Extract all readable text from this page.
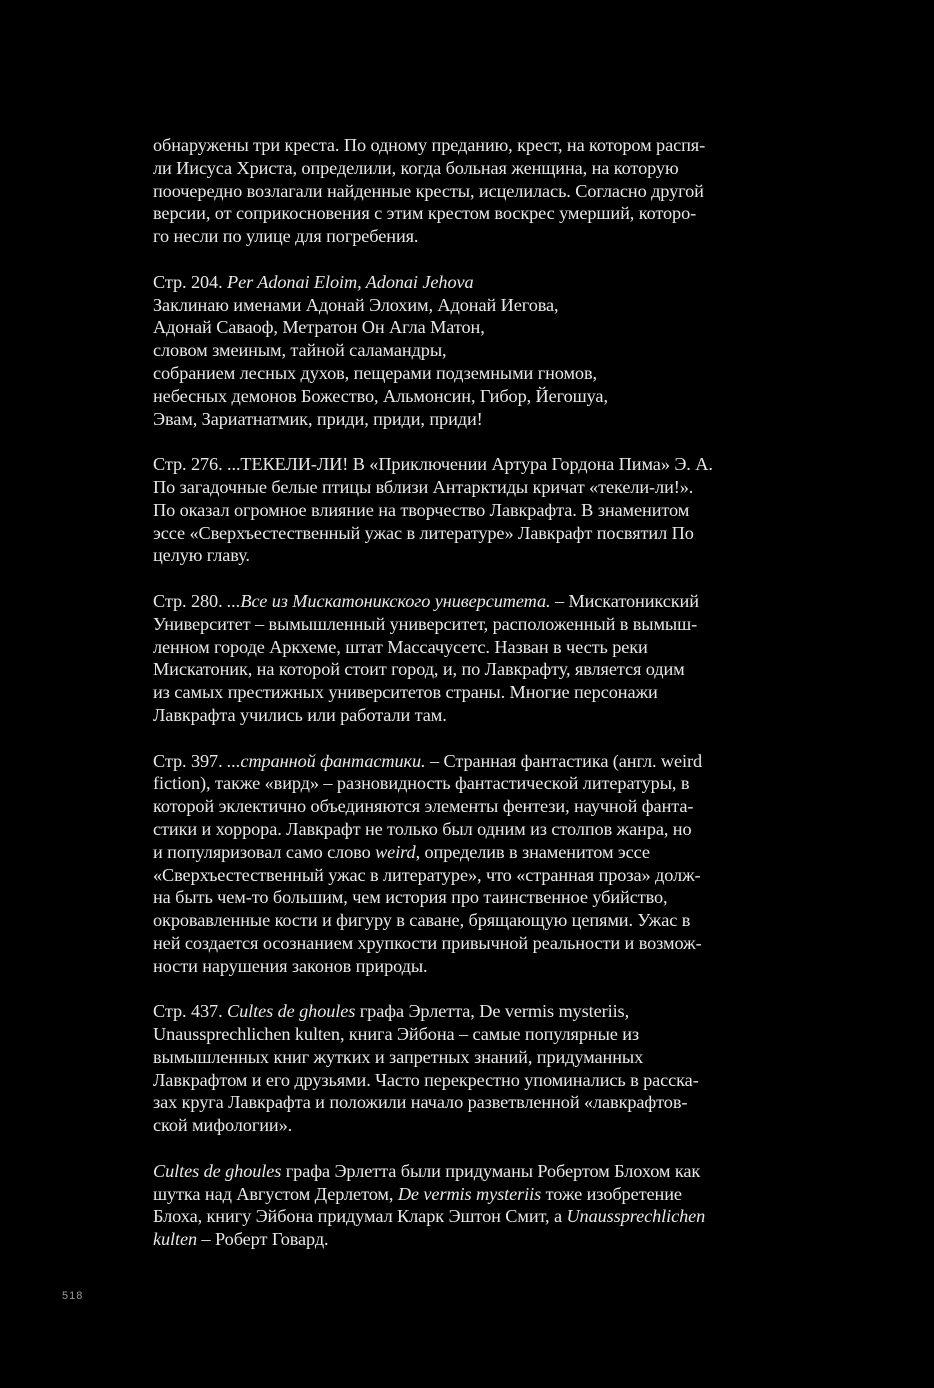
обнаружены три креста. По одному преданию, крест, на котором распя-
ли Иисуса Христа, определили, когда больная женщина, на которую
поочередно возлагали найденные кресты, исцелилась. Согласно другой
версии, от соприкосновения с этим крестом воскрес умерший, которо-
го несли по улице для погребения.

Стр. 204. Per Adonai Eloim, Adonai Jehova
Заклинаю именами Адонай Элохим, Адонай Иегова,
Адонай Саваоф, Метратон Он Агла Матон,
словом змеиным, тайной саламандры,
собранием лесных духов, пещерами подземными гномов,
небесных демонов Божество, Альмонсин, Гибор, Йегошуа,
Эвам, Зариатнатмик, приди, приди, приди!

Стр. 276. ...ТЕКЕЛИ-ЛИ! В «Приключении Артура Гордона Пима» Э. А.
По загадочные белые птицы вблизи Антарктиды кричат «текели-ли!».
По оказал огромное влияние на творчество Лавкрафта. В знаменитом
эссе «Сверхъестественный ужас в литературе» Лавкрафт посвятил По
целую главу.

Стр. 280. ...Все из Мискатоникского университета. – Мискатоникский
Университет – вымышленный университет, расположенный в вымыш-
ленном городе Аркхеме, штат Массачусетс. Назван в честь реки
Мискатоник, на которой стоит город, и, по Лавкрафту, является одим
из самых престижных университетов страны. Многие персонажи
Лавкрафта учились или работали там.

Стр. 397. ...странной фантастики. – Странная фантастика (англ. weird
fiction), также «вирд» – разновидность фантастической литературы, в
которой эклектично объединяются элементы фентези, научной фанта-
стики и хоррора. Лавкрафт не только был одним из столпов жанра, но
и популяризовал само слово weird, определив в знаменитом эссе
«Сверхъестественный ужас в литературе», что «странная проза» долж-
на быть чем-то большим, чем история про таинственное убийство,
окровавленные кости и фигуру в саване, брящающую цепями. Ужас в
ней создается осознанием хрупкости привычной реальности и возмож-
ности нарушения законов природы.

Стр. 437. Cultes de ghoules графа Эрлетта, De vermis mysteriis,
Unaussprechlichen kulten, книга Эйбона – самые популярные из
вымышленных книг жутких и запретных знаний, придуманных
Лавкрафтом и его друзьями. Часто перекрестно упоминались в расска-
зах круга Лавкрафта и положили начало разветвленной «лавкрафтов-
ской мифологии».

Cultes de ghoules графа Эрлетта были придуманы Робертом Блохом как
шутка над Августом Дерлетом, De vermis mysteriis тоже изобретение
Блоха, книгу Эйбона придумал Кларк Эштон Смит, а Unaussprechlichen
kulten – Роберт Говард.

518
